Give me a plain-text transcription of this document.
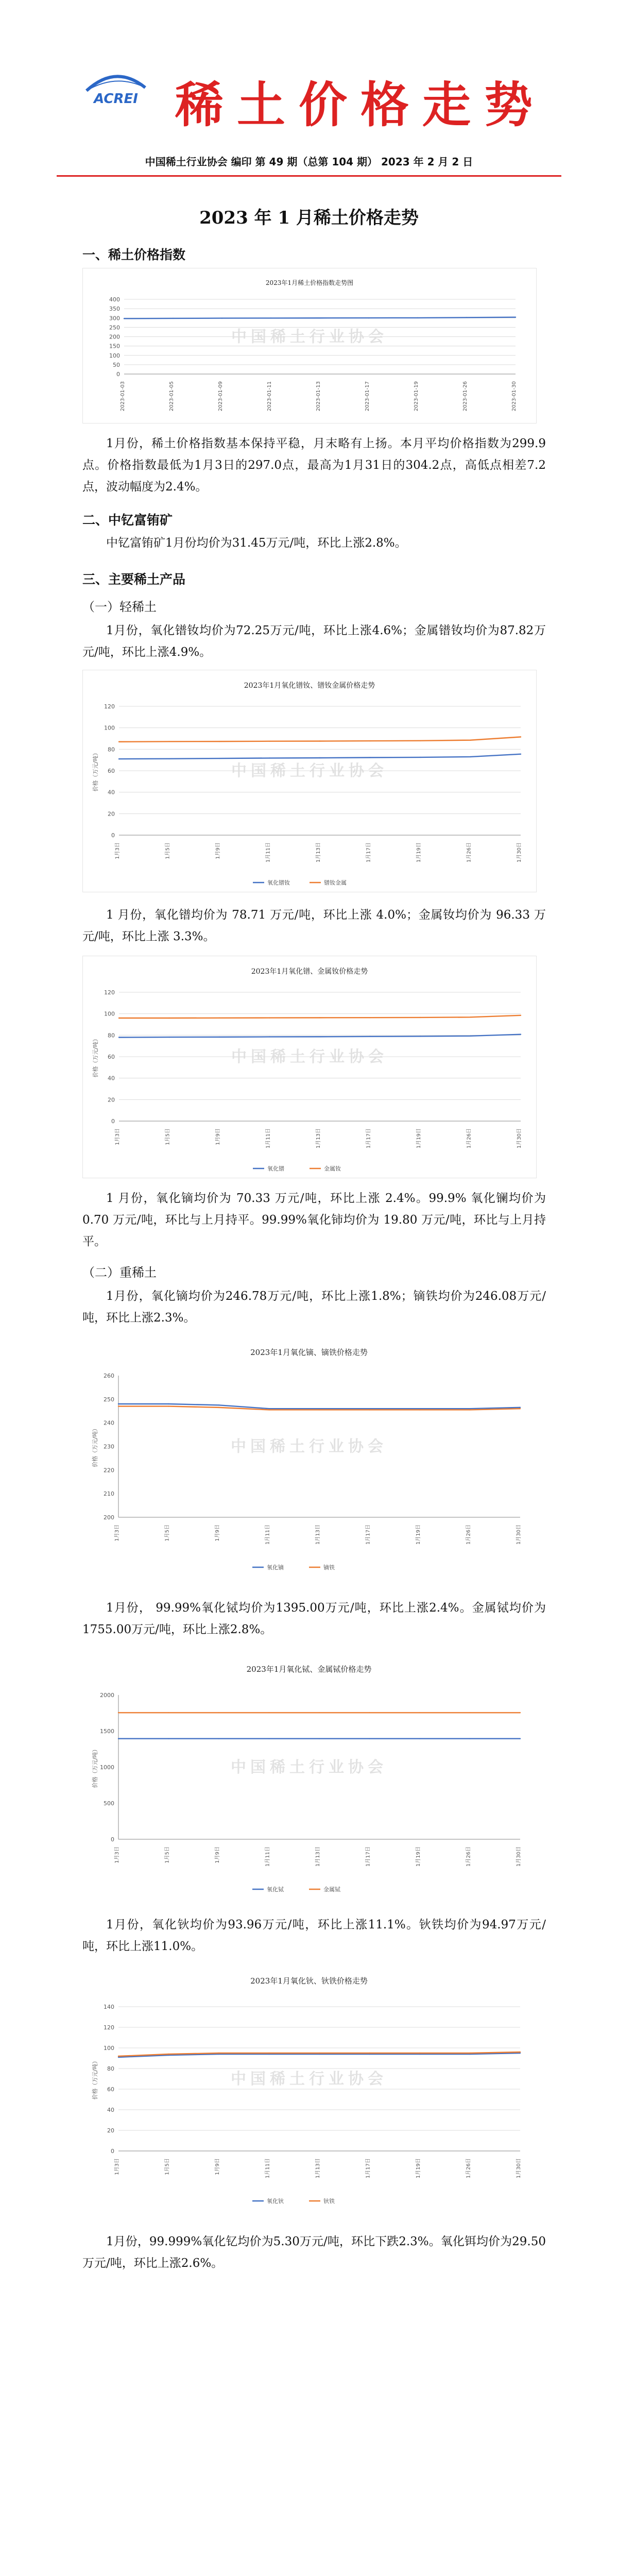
ACREI 稀土价格走势
中国稀土行业协会 编印 第 49 期（总第 104 期） 2023 年 2 月 2 日
2023 年 1 月稀土价格走势
一、稀土价格指数
2023年1月稀土价格指数走势图
中国稀土行业协会
0
50
100
150
200
250
300
350
400
2023-01-03	2023-01-05	2023-01-09	2023-01-11	2023-01-13	2023-01-17	2023-01-19	2023-01-26	2023-01-30
1月份，稀土价格指数基本保持平稳，月末略有上扬。本月平均价格指数为299.9点。价格指数最低为1月3日的297.0点，最高为1月31日的304.2点，高低点相差7.2点，波动幅度为2.4%。
二、中钇富铕矿
中钇富铕矿1月份均价为31.45万元/吨，环比上涨2.8%。
三、主要稀土产品
（一）轻稀土
1月份，氧化镨钕均价为72.25万元/吨，环比上涨4.6%；金属镨钕均价为87.82万元/吨，环比上涨4.9%。
2023年1月氧化镨钕、镨钕金属价格走势
中国稀土行业协会
0
20
40
60
80
100
120
1月3日	1月5日	1月9日	1月11日	1月13日	1月17日	1月19日	1月26日	1月30日
价格（万元/吨）
氧化镨钕	镨钕金属
1 月份，氧化镨均价为 78.71 万元/吨，环比上涨 4.0%；金属钕均价为 96.33 万元/吨，环比上涨 3.3%。
2023年1月氧化镨、金属钕价格走势
中国稀土行业协会
0
20
40
60
80
100
120
1月3日	1月5日	1月9日	1月11日	1月13日	1月17日	1月19日	1月26日	1月30日
价格（万元/吨）
氧化镨	金属钕
1 月份，氧化镝均价为 70.33 万元/吨，环比上涨 2.4%。99.9% 氧化镧均价为 0.70 万元/吨，环比与上月持平。99.99%氧化铈均价为 19.80 万元/吨，环比与上月持平。
（二）重稀土
1月份，氧化镝均价为246.78万元/吨，环比上涨1.8%；镝铁均价为246.08万元/吨，环比上涨2.3%。
2023年1月氧化镝、镝铁价格走势
中国稀土行业协会
200
210
220
230
240
250
260
1月3日	1月5日	1月9日	1月11日	1月13日	1月17日	1月19日	1月26日	1月30日
价格（万元/吨）
氧化镝	镝铁
1月份， 99.99%氧化铽均价为1395.00万元/吨，环比上涨2.4%。金属铽均价为1755.00万元/吨，环比上涨2.8%。
2023年1月氧化铽、金属铽价格走势
中国稀土行业协会
0
500
1000
1500
2000
1月3日	1月5日	1月9日	1月11日	1月13日	1月17日	1月19日	1月26日	1月30日
价格（万元/吨）
氧化铽	金属铽
1月份，氧化钬均价为93.96万元/吨，环比上涨11.1%。钬铁均价为94.97万元/吨，环比上涨11.0%。
2023年1月氧化钬、钬铁价格走势
中国稀土行业协会
0
20
40
60
80
100
120
140
1月3日	1月5日	1月9日	1月11日	1月13日	1月17日	1月19日	1月26日	1月30日
价格（万元/吨）
氧化钬	钬铁
1月份，99.999%氧化钇均价为5.30万元/吨，环比下跌2.3%。氧化铒均价为29.50万元/吨，环比上涨2.6%。
